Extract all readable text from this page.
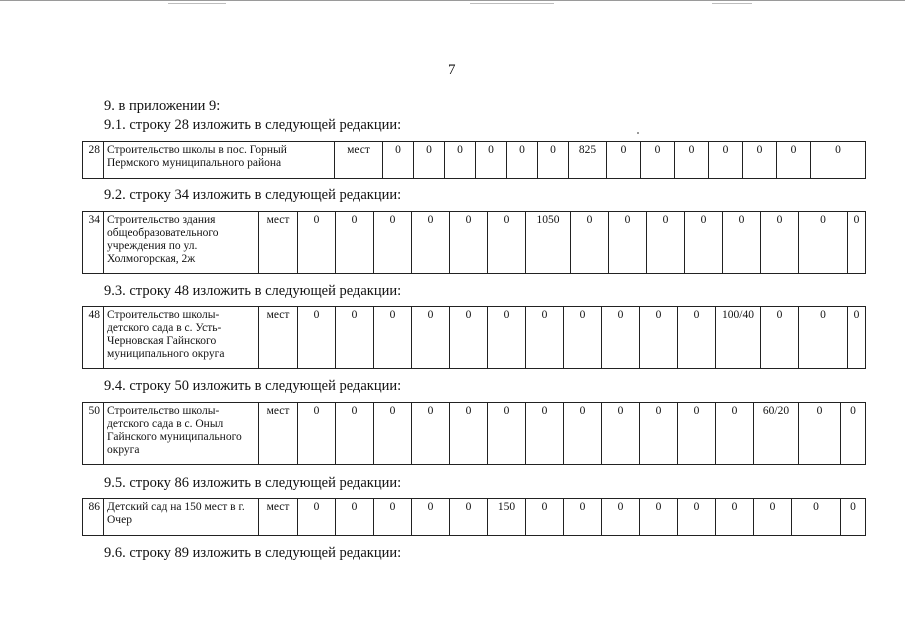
7
9. в приложении 9:
9.1. строку 28 изложить в следующей редакции:
28	Строительство школы в пос. Горный Пермского муниципального района	мест	0	0	0	0	0	0	825	0	0	0	0	0	0	0	
9.2. строку 34 изложить в следующей редакции:
34	Строительство здания общеобразовательного учреждения по ул. Холмогорская, 2ж	мест	0	0	0	0	0	0	1050	0	0	0	0	0	0	0	0
9.3. строку 48 изложить в следующей редакции:
48	Строительство школы-детского сада в с. Усть-Черновская Гайнского муниципального округа	мест	0	0	0	0	0	0	0	0	0	0	0	100/40	0	0	0
9.4. строку 50 изложить в следующей редакции:
50	Строительство школы-детского сада в с. Оныл Гайнского муниципального округа	мест	0	0	0	0	0	0	0	0	0	0	0	0	60/20	0	0
9.5. строку 86 изложить в следующей редакции:
86	Детский сад на 150 мест в г. Очер	мест	0	0	0	0	0	150	0	0	0	0	0	0	0	0	0
9.6. строку 89 изложить в следующей редакции:
